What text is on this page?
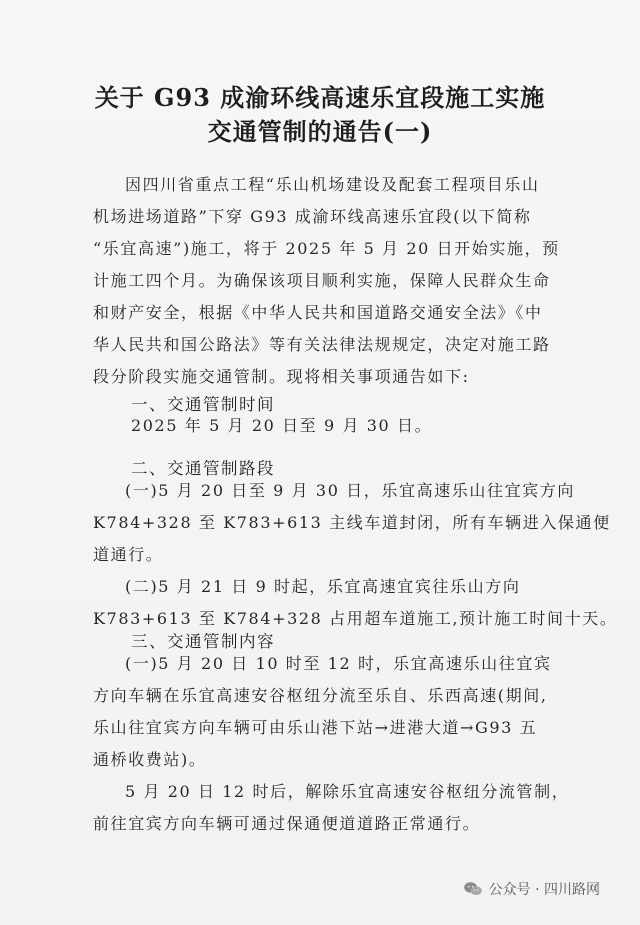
关于 G93 成渝环线高速乐宜段施工实施
交通管制的通告(一)
因四川省重点工程“乐山机场建设及配套工程项目乐山
机场进场道路”下穿 G93 成渝环线高速乐宜段(以下简称
“乐宜高速”)施工，将于 2025 年 5 月 20 日开始实施，预
计施工四个月。为确保该项目顺利实施，保障人民群众生命
和财产安全，根据《中华人民共和国道路交通安全法》《中
华人民共和国公路法》等有关法律法规规定，决定对施工路
段分阶段实施交通管制。现将相关事项通告如下:
一、交通管制时间
2025 年 5 月 20 日至 9 月 30 日。
二、交通管制路段
(一)5 月 20 日至 9 月 30 日，乐宜高速乐山往宜宾方向
K784+328 至 K783+613 主线车道封闭，所有车辆进入保通便
道通行。
(二)5 月 21 日 9 时起，乐宜高速宜宾往乐山方向
K783+613 至 K784+328 占用超车道施工,预计施工时间十天。
三、交通管制内容
(一)5 月 20 日 10 时至 12 时，乐宜高速乐山往宜宾
方向车辆在乐宜高速安谷枢纽分流至乐自、乐西高速(期间,
乐山往宜宾方向车辆可由乐山港下站→进港大道→G93 五
通桥收费站)。
5 月 20 日 12 时后，解除乐宜高速安谷枢纽分流管制，
前往宜宾方向车辆可通过保通便道道路正常通行。
公众号 · 四川路网
